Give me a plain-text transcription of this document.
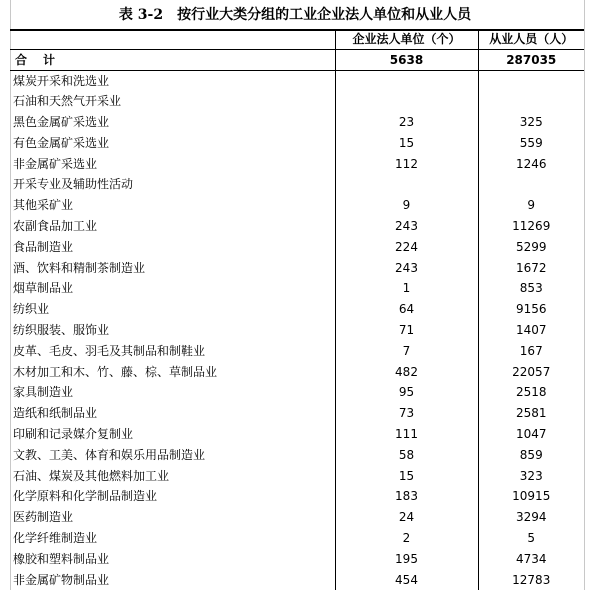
表 3-2　按行业大类分组的工业企业法人单位和从业人员
	企业法人单位（个）	从业人员（人）
合计	5638	287035
煤炭开采和洗选业		
石油和天然气开采业		
黑色金属矿采选业	23	325
有色金属矿采选业	15	559
非金属矿采选业	112	1246
开采专业及辅助性活动		
其他采矿业	9	9
农副食品加工业	243	11269
食品制造业	224	5299
酒、饮料和精制茶制造业	243	1672
烟草制品业	1	853
纺织业	64	9156
纺织服装、服饰业	71	1407
皮革、毛皮、羽毛及其制品和制鞋业	7	167
木材加工和木、竹、藤、棕、草制品业	482	22057
家具制造业	95	2518
造纸和纸制品业	73	2581
印刷和记录媒介复制业	111	1047
文教、工美、体育和娱乐用品制造业	58	859
石油、煤炭及其他燃料加工业	15	323
化学原料和化学制品制造业	183	10915
医药制造业	24	3294
化学纤维制造业	2	5
橡胶和塑料制品业	195	4734
非金属矿物制品业	454	12783
